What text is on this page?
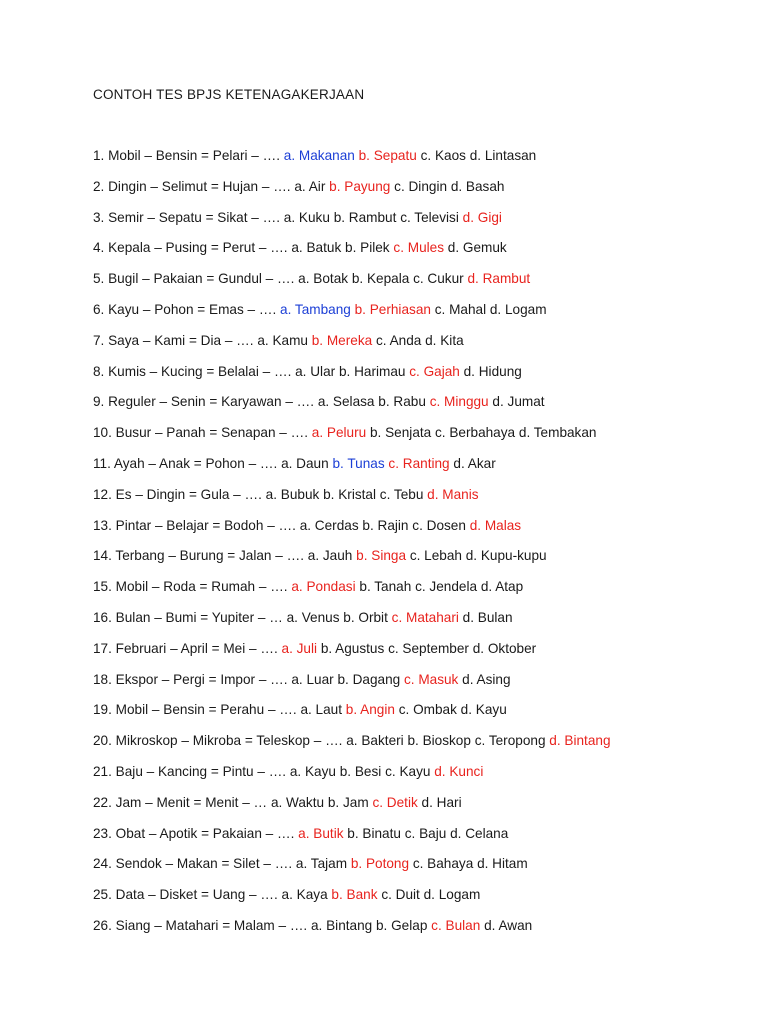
CONTOH TES BPJS KETENAGAKERJAAN
1. Mobil – Bensin = Pelari – …. a. Makanan b. Sepatu c. Kaos d. Lintasan
2. Dingin – Selimut = Hujan – …. a. Air b. Payung c. Dingin d. Basah
3. Semir – Sepatu = Sikat – …. a. Kuku b. Rambut c. Televisi d. Gigi
4. Kepala – Pusing = Perut – …. a. Batuk b. Pilek c. Mules d. Gemuk
5. Bugil – Pakaian = Gundul – …. a. Botak b. Kepala c. Cukur d. Rambut
6. Kayu – Pohon = Emas – …. a. Tambang b. Perhiasan c. Mahal d. Logam
7. Saya – Kami = Dia – …. a. Kamu b. Mereka c. Anda d. Kita
8. Kumis – Kucing = Belalai – …. a. Ular b. Harimau c. Gajah d. Hidung
9. Reguler – Senin = Karyawan – …. a. Selasa b. Rabu c. Minggu d. Jumat
10. Busur – Panah = Senapan – …. a. Peluru b. Senjata c. Berbahaya d. Tembakan
11. Ayah – Anak = Pohon – …. a. Daun b. Tunas c. Ranting d. Akar
12. Es – Dingin = Gula – …. a. Bubuk b. Kristal c. Tebu d. Manis
13. Pintar – Belajar = Bodoh – …. a. Cerdas b. Rajin c. Dosen d. Malas
14. Terbang – Burung = Jalan – …. a. Jauh b. Singa c. Lebah d. Kupu-kupu
15. Mobil – Roda = Rumah – …. a. Pondasi b. Tanah c. Jendela d. Atap
16. Bulan – Bumi = Yupiter – … a. Venus b. Orbit c. Matahari d. Bulan
17. Februari – April = Mei – …. a. Juli b. Agustus c. September d. Oktober
18. Ekspor – Pergi = Impor – …. a. Luar b. Dagang c. Masuk d. Asing
19. Mobil – Bensin = Perahu – …. a. Laut b. Angin c. Ombak d. Kayu
20. Mikroskop – Mikroba = Teleskop – …. a. Bakteri b. Bioskop c. Teropong d. Bintang
21. Baju – Kancing = Pintu – …. a. Kayu b. Besi c. Kayu d. Kunci
22. Jam – Menit = Menit – … a. Waktu b. Jam c. Detik d. Hari
23. Obat – Apotik = Pakaian – …. a. Butik b. Binatu c. Baju d. Celana
24. Sendok – Makan = Silet – …. a. Tajam b. Potong c. Bahaya d. Hitam
25. Data – Disket = Uang – …. a. Kaya b. Bank c. Duit d. Logam
26. Siang – Matahari = Malam – …. a. Bintang b. Gelap c. Bulan d. Awan
